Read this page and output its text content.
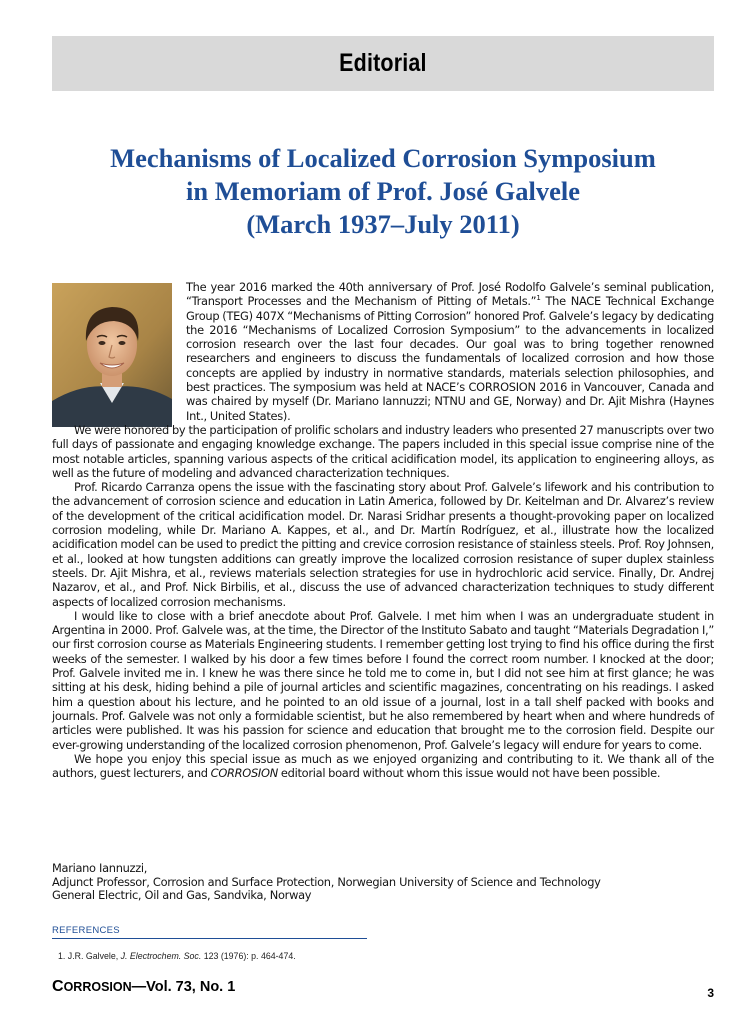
Editorial
Mechanisms of Localized Corrosion Symposium
in Memoriam of Prof. José Galvele
(March 1937–July 2011)
The year 2016 marked the 40th anniversary of Prof. José Rodolfo Galvele’s seminal publication, “Transport Processes and the Mechanism of Pitting of Metals.”$^1$ The NACE Technical Exchange Group (TEG) 407X “Mechanisms of Pitting Corrosion” honored Prof. Galvele’s legacy by dedicating the 2016 “Mechanisms of Localized Corrosion Symposium” to the advancements in localized corrosion research over the last four decades. Our goal was to bring together renowned researchers and engineers to discuss the fundamentals of localized corrosion and how those concepts are applied by industry in normative standards, materials selection philosophies, and best practices. The symposium was held at NACE’s CORROSION 2016 in Vancouver, Canada and was chaired by myself (Dr. Mariano Iannuzzi; NTNU and GE, Norway) and Dr. Ajit Mishra (Haynes Int., United States).

We were honored by the participation of prolific scholars and industry leaders who presented 27 manuscripts over two full days of passionate and engaging knowledge exchange. The papers included in this special issue comprise nine of the most notable articles, spanning various aspects of the critical acidification model, its application to engineering alloys, as well as the future of modeling and advanced characterization techniques.

Prof. Ricardo Carranza opens the issue with the fascinating story about Prof. Galvele’s lifework and his contribution to the advancement of corrosion science and education in Latin America, followed by Dr. Keitelman and Dr. Alvarez’s review of the development of the critical acidification model. Dr. Narasi Sridhar presents a thought-provoking paper on localized corrosion modeling, while Dr. Mariano A. Kappes, et al., and Dr. Martín Rodríguez, et al., illustrate how the localized acidification model can be used to predict the pitting and crevice corrosion resistance of stainless steels. Prof. Roy Johnsen, et al., looked at how tungsten additions can greatly improve the localized corrosion resistance of super duplex stainless steels. Dr. Ajit Mishra, et al., reviews materials selection strategies for use in hydrochloric acid service. Finally, Dr. Andrej Nazarov, et al., and Prof. Nick Birbilis, et al., discuss the use of advanced characterization techniques to study different aspects of localized corrosion mechanisms.

I would like to close with a brief anecdote about Prof. Galvele. I met him when I was an undergraduate student in Argentina in 2000. Prof. Galvele was, at the time, the Director of the Instituto Sabato and taught “Materials Degradation I,” our first corrosion course as Materials Engineering students. I remember getting lost trying to find his office during the first weeks of the semester. I walked by his door a few times before I found the correct room number. I knocked at the door; Prof. Galvele invited me in. I knew he was there since he told me to come in, but I did not see him at first glance; he was sitting at his desk, hiding behind a pile of journal articles and scientific magazines, concentrating on his readings. I asked him a question about his lecture, and he pointed to an old issue of a journal, lost in a tall shelf packed with books and journals. Prof. Galvele was not only a formidable scientist, but he also remembered by heart when and where hundreds of articles were published. It was his passion for science and education that brought me to the corrosion field. Despite our ever-growing understanding of the localized corrosion phenomenon, Prof. Galvele’s legacy will endure for years to come.

We hope you enjoy this special issue as much as we enjoyed organizing and contributing to it. We thank all of the authors, guest lecturers, and CORROSION editorial board without whom this issue would not have been possible.

Mariano Iannuzzi,
Adjunct Professor, Corrosion and Surface Protection, Norwegian University of Science and Technology
General Electric, Oil and Gas, Sandvika, Norway
REFERENCES
1. J.R. Galvele, J. Electrochem. Soc. 123 (1976): p. 464-474.
CORROSION—Vol. 73, No. 1	3
